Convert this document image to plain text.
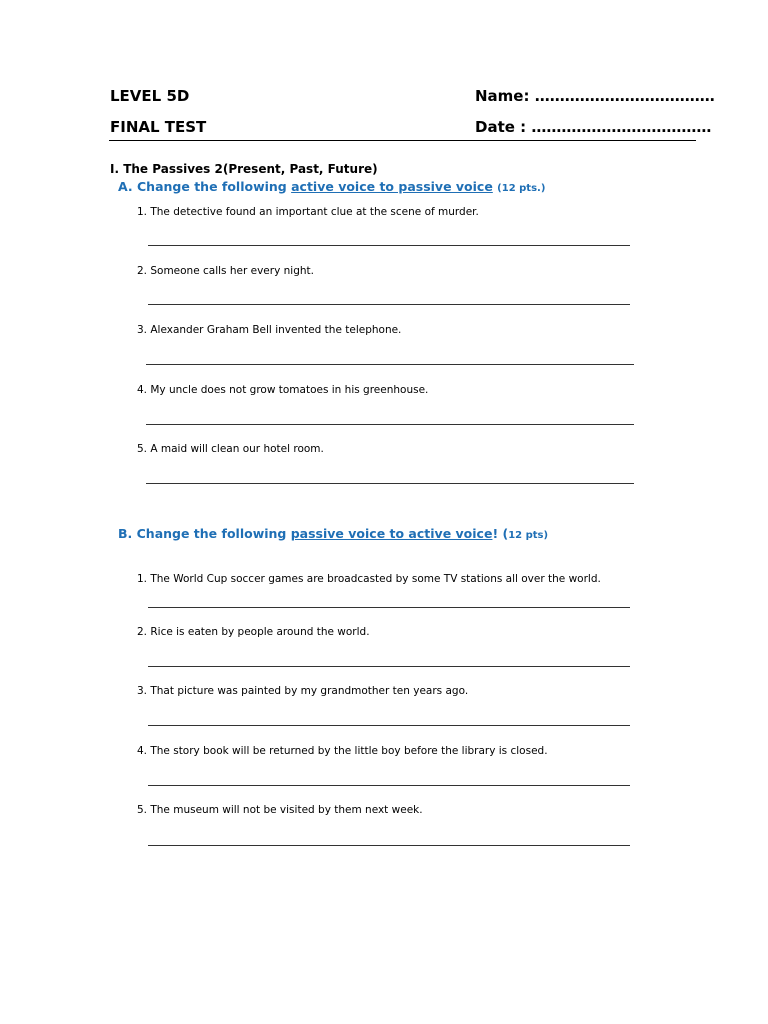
LEVEL 5D	Name: ………………………………
FINAL TEST	Date : ………………………………
I. The Passives 2(Present, Past, Future)
A. Change the following active voice to passive voice (12 pts.)
1. The detective found an important clue at the scene of murder.
2. Someone calls her every night.
3. Alexander Graham Bell invented the telephone.
4. My uncle does not grow tomatoes in his greenhouse.
5. A maid will clean our hotel room.
B. Change the following passive voice to active voice! (12 pts)
1. The World Cup soccer games are broadcasted by some TV stations all over the world.
2. Rice is eaten by people around the world.
3. That picture was painted by my grandmother ten years ago.
4. The story book will be returned by the little boy before the library is closed.
5. The museum will not be visited by them next week.
